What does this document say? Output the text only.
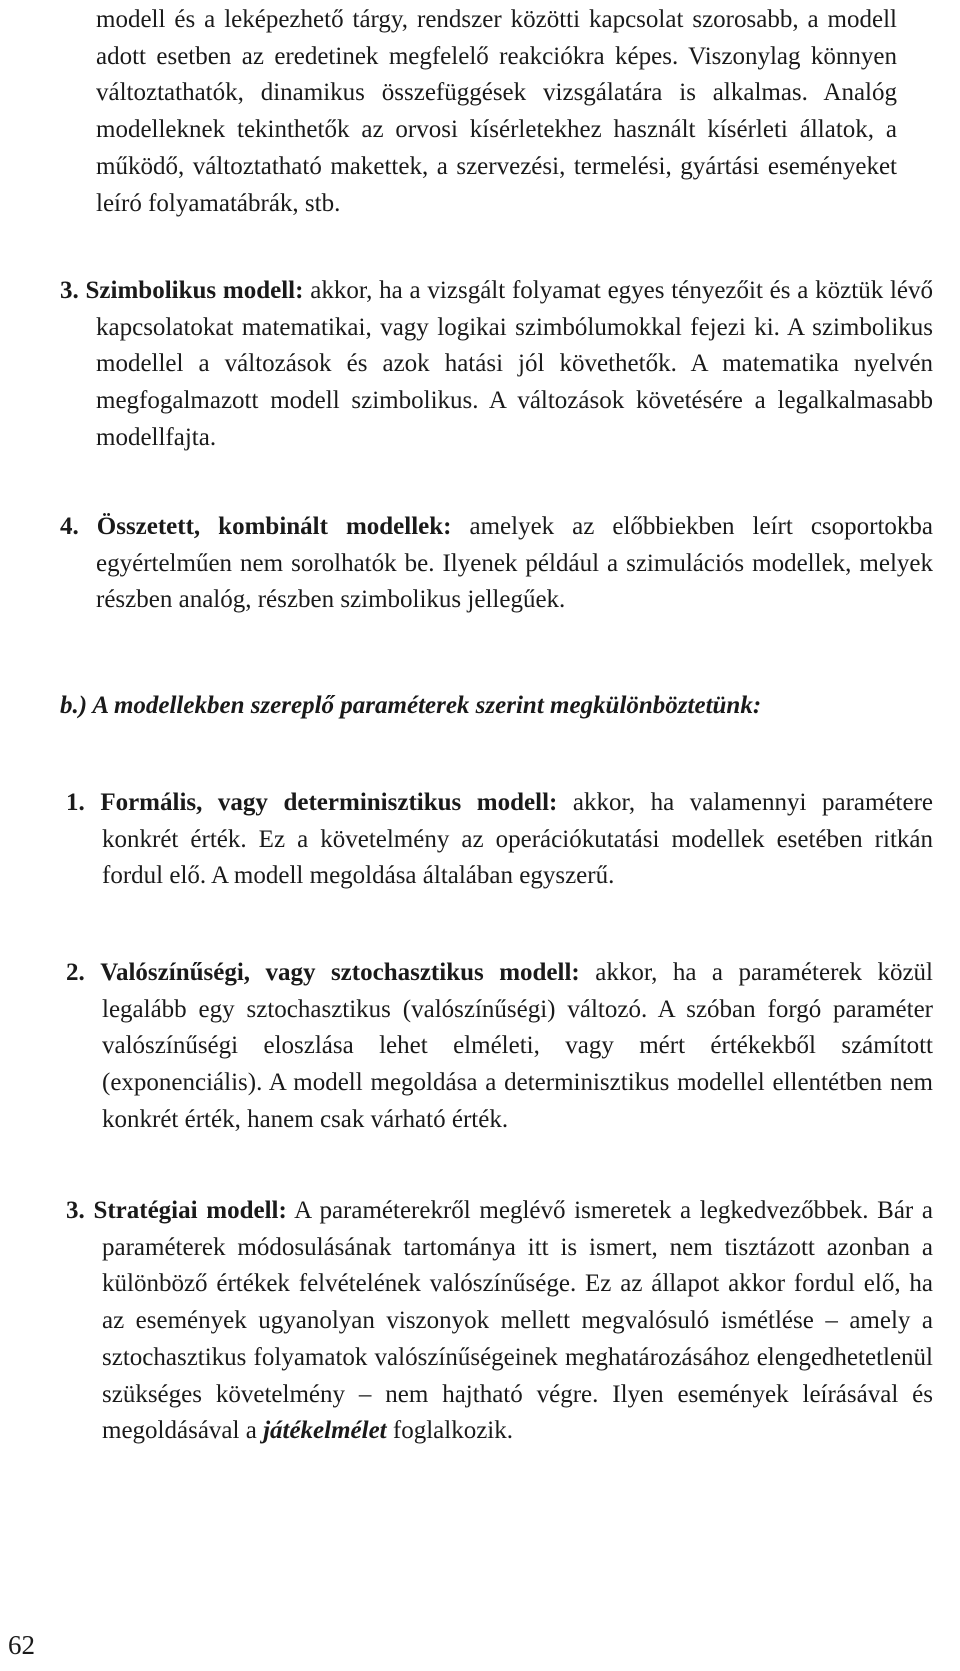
modell és a leképezhető tárgy, rendszer közötti kapcsolat szorosabb, a modell adott esetben az eredetinek megfelelő reakciókra képes. Viszonylag könnyen változtathatók, dinamikus összefüggések vizsgálatára is alkalmas. Analóg modelleknek tekinthetők az orvosi kísérletekhez használt kísérleti állatok, a működő, változtatható makettek, a szervezési, termelési, gyártási eseményeket leíró folyamatábrák, stb.

3. Szimbolikus modell: akkor, ha a vizsgált folyamat egyes tényezőit és a köztük lévő kapcsolatokat matematikai, vagy logikai szimbólumokkal fejezi ki. A szimbolikus modellel a változások és azok hatási jól követhetők. A matematika nyelvén megfogalmazott modell szimbolikus. A változások követésére a legalkalmasabb modellfajta.

4. Összetett, kombinált modellek: amelyek az előbbiekben leírt csoportokba egyértelműen nem sorolhatók be. Ilyenek például a szimulációs modellek, melyek részben analóg, részben szimbolikus jellegűek.

b.) A modellekben szereplő paraméterek szerint megkülönböztetünk:

1. Formális, vagy determinisztikus modell: akkor, ha valamennyi paramétere konkrét érték. Ez a követelmény az operációkutatási modellek esetében ritkán fordul elő. A modell megoldása általában egyszerű.

2. Valószínűségi, vagy sztochasztikus modell: akkor, ha a paraméterek közül legalább egy sztochasztikus (valószínűségi) változó. A szóban forgó paraméter valószínűségi eloszlása lehet elméleti, vagy mért értékekből számított (exponenciális). A modell megoldása a determinisztikus modellel ellentétben nem konkrét érték, hanem csak várható érték.

3. Stratégiai modell: A paraméterekről meglévő ismeretek a legkedvezőbbek. Bár a paraméterek módosulásának tartománya itt is ismert, nem tisztázott azonban a különböző értékek felvételének valószínűsége. Ez az állapot akkor fordul elő, ha az események ugyanolyan viszonyok mellett megvalósuló ismétlése – amely a sztochasztikus folyamatok valószínűségeinek meghatározásához elengedhetetlenül szükséges követelmény – nem hajtható végre. Ilyen események leírásával és megoldásával a játékelmélet foglalkozik.

62
